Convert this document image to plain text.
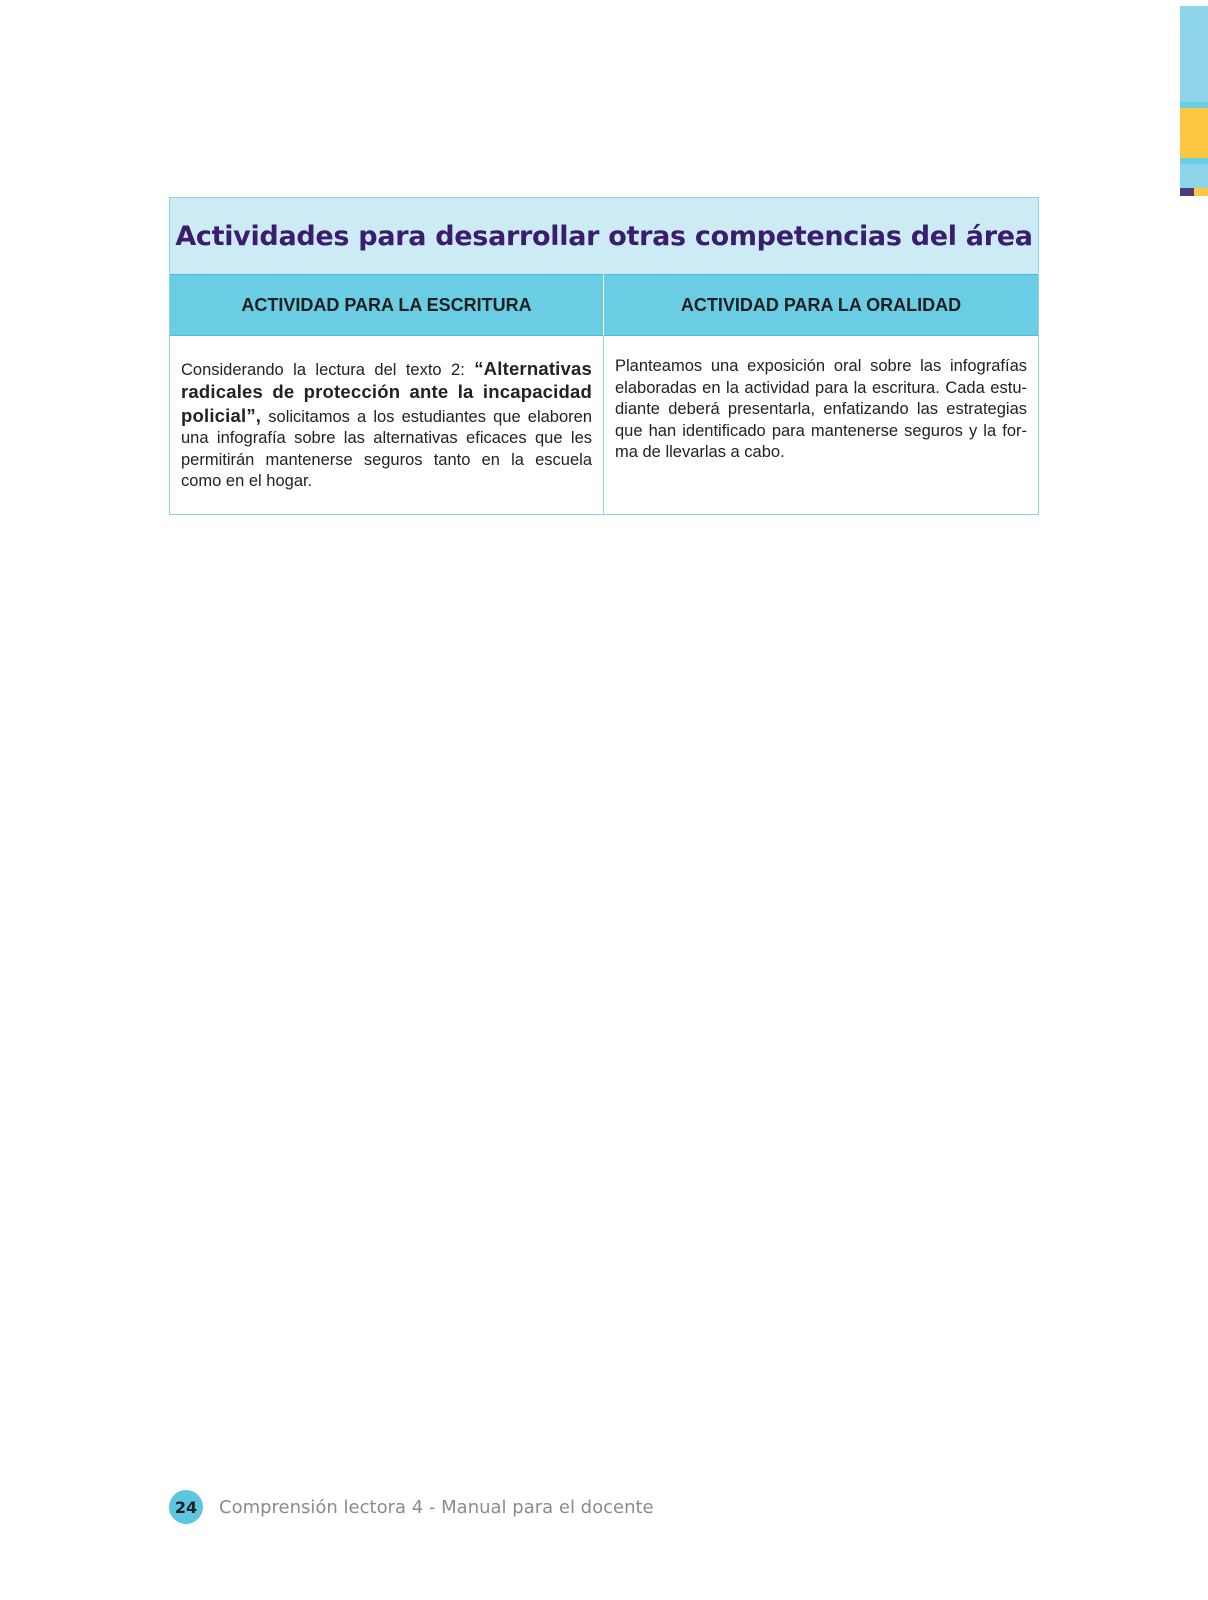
Actividades para desarrollar otras competencias del área
ACTIVIDAD PARA LA ESCRITURA	ACTIVIDAD PARA LA ORALIDAD

Considerando la lectura del texto 2: “Alternativas radicales de protección ante la incapacidad policial”, solicitamos a los estudiantes que elaboren una infografía sobre las alternativas eficaces que les permitirán mantenerse seguros tanto en la escuela como en el hogar.

Planteamos una exposición oral sobre las infografías elaboradas en la actividad para la escritura. Cada estudiante deberá presentarla, enfatizando las estrategias que han identificado para mantenerse seguros y la forma de llevarlas a cabo.

24	Comprensión lectora 4 - Manual para el docente
